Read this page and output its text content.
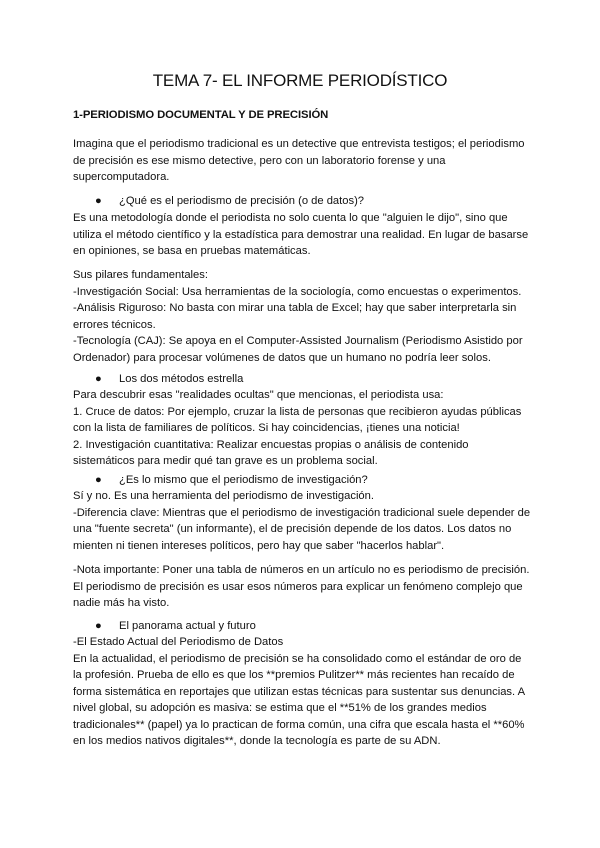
TEMA 7- EL INFORME PERIODÍSTICO
1-PERIODISMO DOCUMENTAL Y DE PRECISIÓN
Imagina que el periodismo tradicional es un detective que entrevista testigos; el periodismo
de precisión es ese mismo detective, pero con un laboratorio forense y una
supercomputadora.
● ¿Qué es el periodismo de precisión (o de datos)?
Es una metodología donde el periodista no solo cuenta lo que "alguien le dijo", sino que
utiliza el método científico y la estadística para demostrar una realidad. En lugar de basarse
en opiniones, se basa en pruebas matemáticas.
Sus pilares fundamentales:
-Investigación Social: Usa herramientas de la sociología, como encuestas o experimentos.
-Análisis Riguroso: No basta con mirar una tabla de Excel; hay que saber interpretarla sin
errores técnicos.
-Tecnología (CAJ): Se apoya en el Computer-Assisted Journalism (Periodismo Asistido por
Ordenador) para procesar volúmenes de datos que un humano no podría leer solos.
● Los dos métodos estrella
Para descubrir esas "realidades ocultas" que mencionas, el periodista usa:
1. Cruce de datos: Por ejemplo, cruzar la lista de personas que recibieron ayudas públicas
con la lista de familiares de políticos. Si hay coincidencias, ¡tienes una noticia!
2. Investigación cuantitativa: Realizar encuestas propias o análisis de contenido
sistemáticos para medir qué tan grave es un problema social.
● ¿Es lo mismo que el periodismo de investigación?
Sí y no. Es una herramienta del periodismo de investigación.
-Diferencia clave: Mientras que el periodismo de investigación tradicional suele depender de
una "fuente secreta" (un informante), el de precisión depende de los datos. Los datos no
mienten ni tienen intereses políticos, pero hay que saber "hacerlos hablar".
-Nota importante: Poner una tabla de números en un artículo no es periodismo de precisión.
El periodismo de precisión es usar esos números para explicar un fenómeno complejo que
nadie más ha visto.
● El panorama actual y futuro
-El Estado Actual del Periodismo de Datos
En la actualidad, el periodismo de precisión se ha consolidado como el estándar de oro de
la profesión. Prueba de ello es que los **premios Pulitzer** más recientes han recaído de
forma sistemática en reportajes que utilizan estas técnicas para sustentar sus denuncias. A
nivel global, su adopción es masiva: se estima que el **51% de los grandes medios
tradicionales** (papel) ya lo practican de forma común, una cifra que escala hasta el **60%
en los medios nativos digitales**, donde la tecnología es parte de su ADN.
